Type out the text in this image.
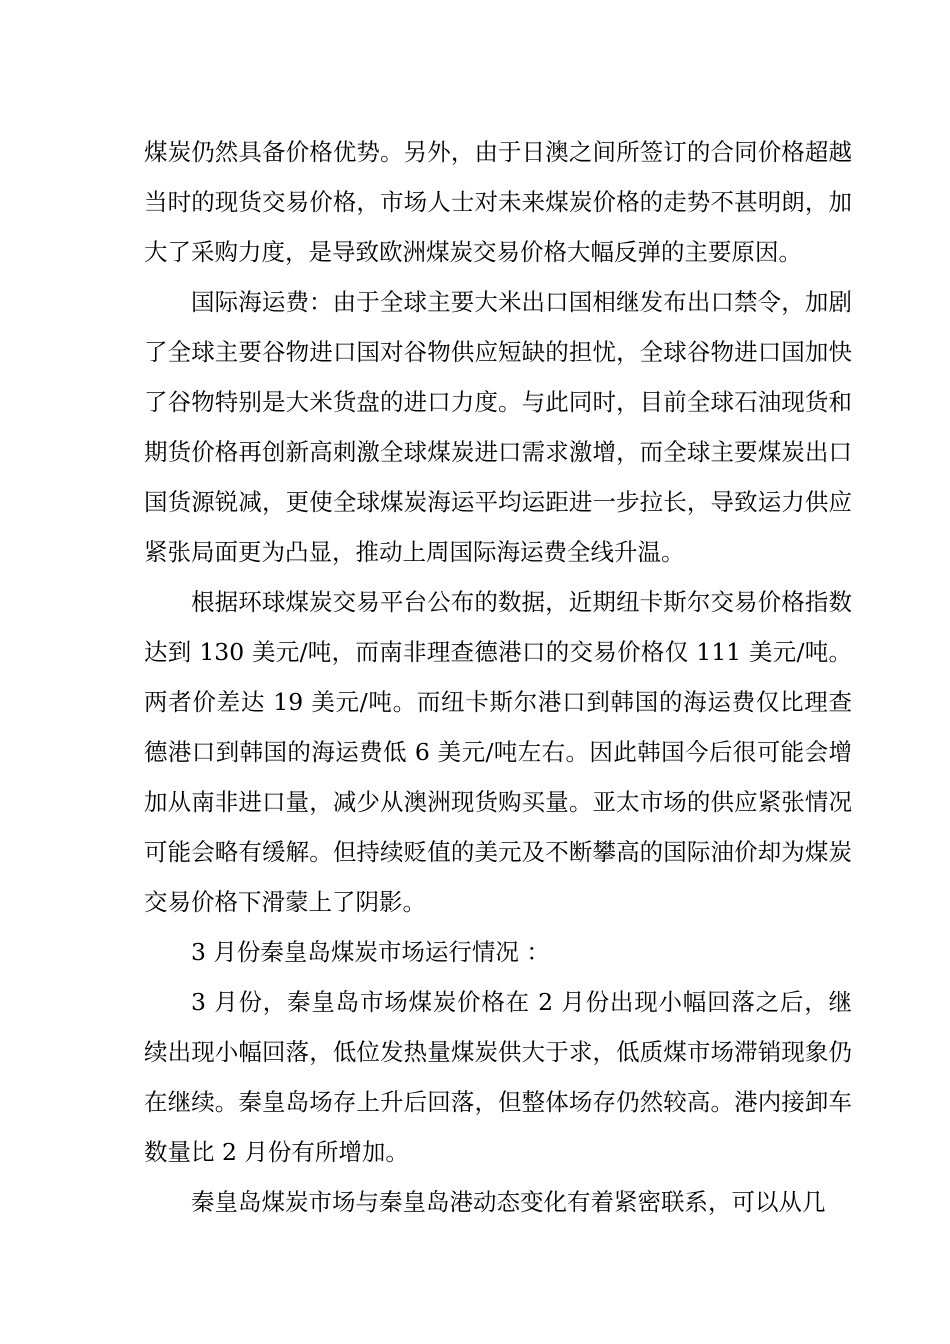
煤炭仍然具备价格优势。另外，由于日澳之间所签订的合同价格超越当时的现货交易价格，市场人士对未来煤炭价格的走势不甚明朗，加大了采购力度，是导致欧洲煤炭交易价格大幅反弹的主要原因。

国际海运费：由于全球主要大米出口国相继发布出口禁令，加剧了全球主要谷物进口国对谷物供应短缺的担忧，全球谷物进口国加快了谷物特别是大米货盘的进口力度。与此同时，目前全球石油现货和期货价格再创新高刺激全球煤炭进口需求激增，而全球主要煤炭出口国货源锐减，更使全球煤炭海运平均运距进一步拉长，导致运力供应紧张局面更为凸显，推动上周国际海运费全线升温。

根据环球煤炭交易平台公布的数据，近期纽卡斯尔交易价格指数达到 130 美元/吨，而南非理查德港口的交易价格仅 111 美元/吨。两者价差达 19 美元/吨。而纽卡斯尔港口到韩国的海运费仅比理查德港口到韩国的海运费低 6 美元/吨左右。因此韩国今后很可能会增加从南非进口量，减少从澳洲现货购买量。亚太市场的供应紧张情况可能会略有缓解。但持续贬值的美元及不断攀高的国际油价却为煤炭交易价格下滑蒙上了阴影。

3 月份秦皇岛煤炭市场运行情况 ：

3 月份，秦皇岛市场煤炭价格在 2 月份出现小幅回落之后，继续出现小幅回落，低位发热量煤炭供大于求，低质煤市场滞销现象仍在继续。秦皇岛场存上升后回落，但整体场存仍然较高。港内接卸车数量比 2 月份有所增加。

秦皇岛煤炭市场与秦皇岛港动态变化有着紧密联系，可以从几
